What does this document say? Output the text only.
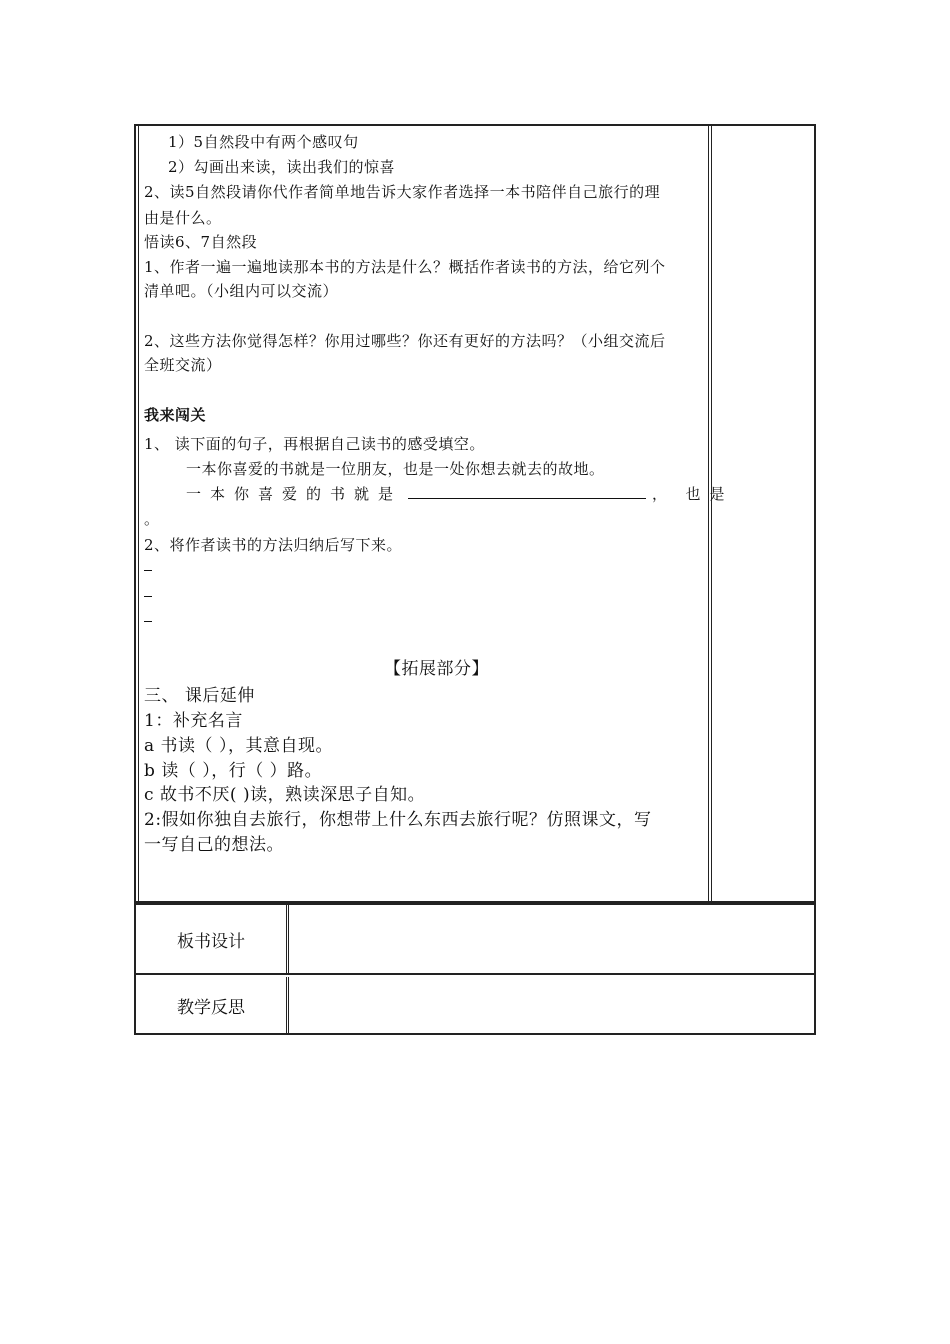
1）5自然段中有两个感叹句
2）勾画出来读，读出我们的惊喜
2、读5自然段请你代作者简单地告诉大家作者选择一本书陪伴自己旅行的理
由是什么。
悟读6、7自然段
1、作者一遍一遍地读那本书的方法是什么？概括作者读书的方法，给它列个
清单吧。（小组内可以交流）
2、这些方法你觉得怎样？你用过哪些？你还有更好的方法吗？（小组交流后
全班交流）
我来闯关
1、 读下面的句子，再根据自己读书的感受填空。
一本你喜爱的书就是一位朋友，也是一处你想去就去的故地。
一本你喜爱的书就是	， 也是
。
2、将作者读书的方法归纳后写下来。
【拓展部分】
三、 课后延伸
1：补充名言
a 书读（ ），其意自现。
b 读（ ），行（ ）路。
c 故书不厌( )读，熟读深思子自知。
2:假如你独自去旅行，你想带上什么东西去旅行呢？仿照课文，写
一写自己的想法。
板书设计
教学反思
